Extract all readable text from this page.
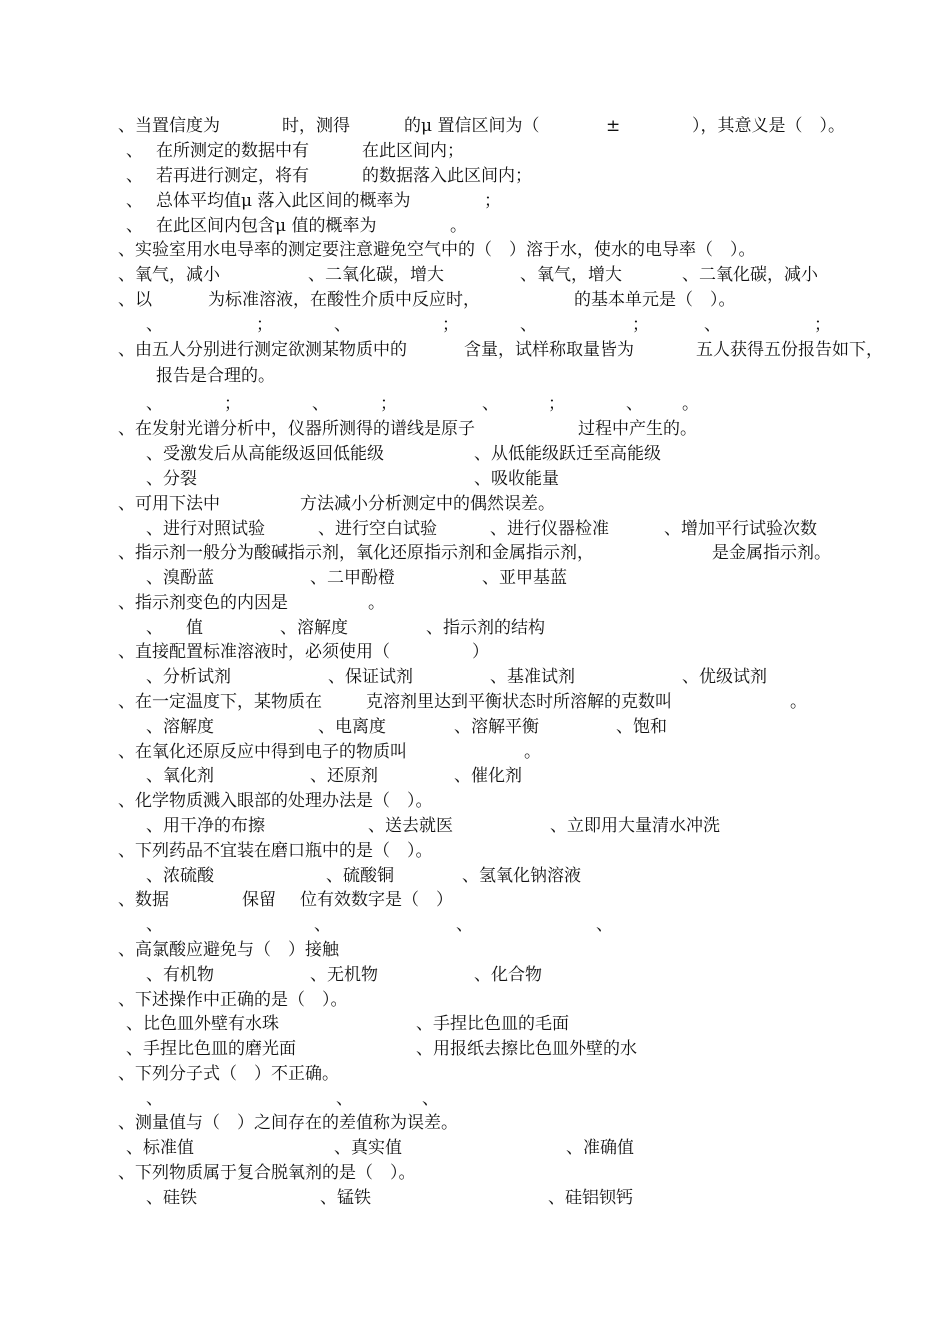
、当置信度为	时，测得	的μ 置信区间为（	±	），其意义是（　）。
、 在所测定的数据中有	在此区间内；
、 若再进行测定，将有	的数据落入此区间内；
、 总体平均值μ 落入此区间的概率为	；
、 在此区间内包含μ 值的概率为	。
、实验室用水电导率的测定要注意避免空气中的（　）溶于水，使水的电导率（　）。
、氧气，减小	、二氧化碳，增大	、氧气，增大	、二氧化碳，减小
、以	为标准溶液，在酸性介质中反应时，	的基本单元是（　）。
、	；	、	；	、	；	、	；
、由五人分别进行测定欲测某物质中的	含量，试样称取量皆为	五人获得五份报告如下，
报告是合理的。
、	；	、	；	、	；	、 。
、在发射光谱分析中，仪器所测得的谱线是原子	过程中产生的。
、受激发后从高能级返回低能级	、从低能级跃迁至高能级
、分裂	、吸收能量
、可用下法中	方法减小分析测定中的偶然误差。
、进行对照试验	、进行空白试验	、进行仪器检准	、增加平行试验次数
、指示剂一般分为酸碱指示剂，氧化还原指示剂和金属指示剂，	是金属指示剂。
、溴酚蓝	、二甲酚橙	、亚甲基蓝
、指示剂变色的内因是	。
、 值	、溶解度	、指示剂的结构
、直接配置标准溶液时，必须使用（	）
、分析试剂	、保证试剂	、基准试剂	、优级试剂
、在一定温度下，某物质在	克溶剂里达到平衡状态时所溶解的克数叫	。
、溶解度	、电离度	、溶解平衡	、饱和
、在氧化还原反应中得到电子的物质叫	。
、氧化剂	、还原剂	、催化剂
、化学物质溅入眼部的处理办法是（　）。
、用干净的布擦	、送去就医	、立即用大量清水冲洗
、下列药品不宜装在磨口瓶中的是（　）。
、浓硫酸	、硫酸铜	、氢氧化钠溶液
、数据	保留 位有效数字是（　）
、	、	、	、
、高氯酸应避免与（　）接触
、有机物	、无机物	、化合物
、下述操作中正确的是（　）。
、比色皿外壁有水珠	、手捏比色皿的毛面
、手捏比色皿的磨光面	、用报纸去擦比色皿外壁的水
、下列分子式（　）不正确。
、	、	、
、测量值与（　）之间存在的差值称为误差。
、标准值	、真实值	、准确值
、下列物质属于复合脱氧剂的是（　）。
、硅铁	、锰铁	、硅铝钡钙
